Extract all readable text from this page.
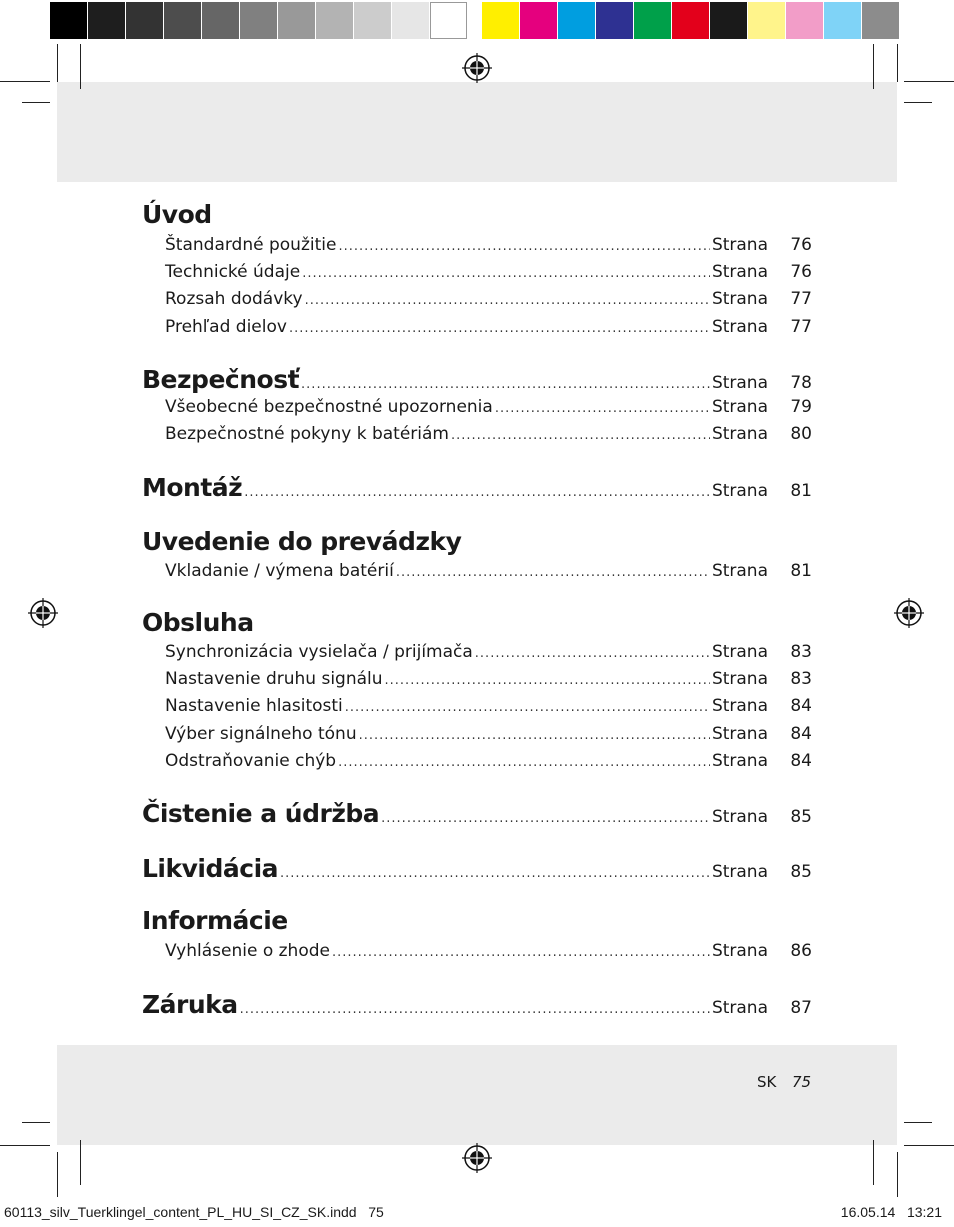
Úvod
Štandardné použitie .....	Strana	76
Technické údaje .....	Strana	76
Rozsah dodávky .....	Strana	77
Prehľad dielov .....	Strana	77
Bezpečnosť .....	Strana	78
Všeobecné bezpečnostné upozornenia .....	Strana	79
Bezpečnostné pokyny k batériám .....	Strana	80
Montáž .....	Strana	81
Uvedenie do prevádzky
Vkladanie / výmena batérií .....	Strana	81
Obsluha
Synchronizácia vysielača / prijímača .....	Strana	83
Nastavenie druhu signálu .....	Strana	83
Nastavenie hlasitosti .....	Strana	84
Výber signálneho tónu .....	Strana	84
Odstraňovanie chýb .....	Strana	84
Čistenie a údržba .....	Strana	85
Likvidácia .....	Strana	85
Informácie
Vyhlásenie o zhode .....	Strana	86
Záruka .....	Strana	87
SK 75
60113_silv_Tuerklingel_content_PL_HU_SI_CZ_SK.indd   75	16.05.14   13:21
